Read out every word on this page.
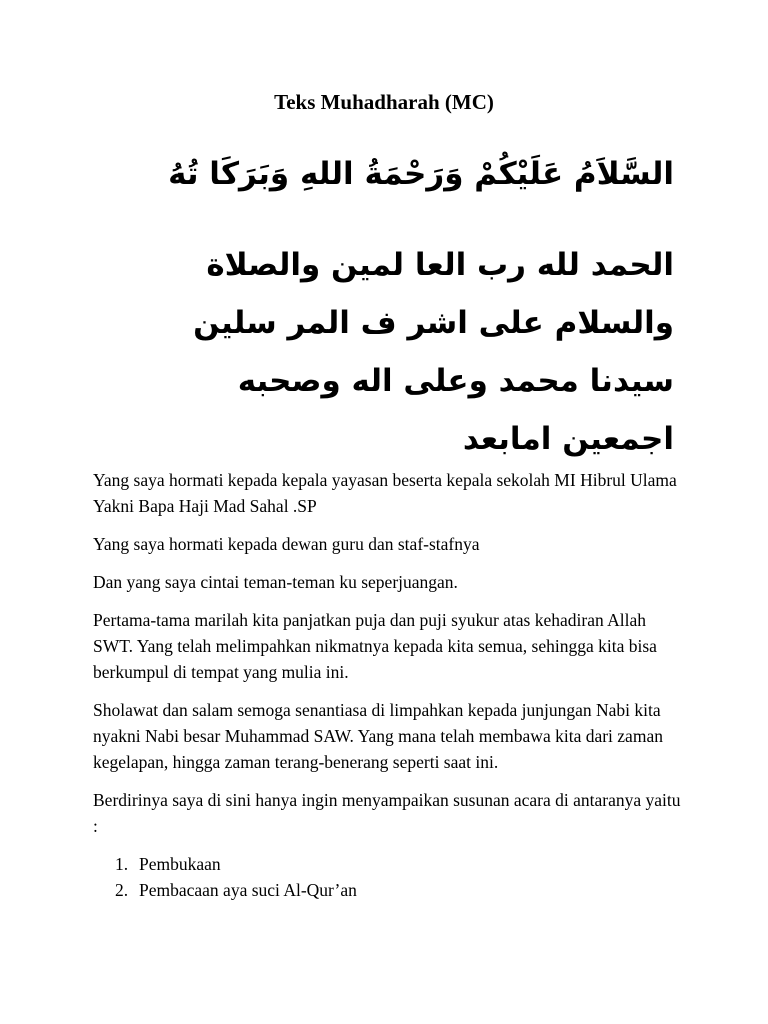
Teks Muhadharah (MC)

السَّلاَمُ عَلَيْكُمْ وَرَحْمَةُ اللهِ وَبَرَكَا تُهُ

الحمد لله رب العا لمين والصلاة
والسلام على اشر ف المر سلين
سيدنا محمد وعلى اله وصحبه
اجمعين امابعد

Yang saya hormati kepada kepala yayasan beserta kepala sekolah MI Hibrul Ulama Yakni Bapa Haji Mad Sahal .SP

Yang saya hormati kepada dewan guru dan staf-stafnya

Dan yang saya cintai teman-teman ku seperjuangan.

Pertama-tama marilah kita panjatkan puja dan puji syukur atas kehadiran Allah SWT. Yang telah melimpahkan nikmatnya kepada kita semua, sehingga kita bisa berkumpul di tempat yang mulia ini.

Sholawat dan salam semoga senantiasa di limpahkan kepada junjungan Nabi kita nyakni Nabi besar Muhammad SAW. Yang mana telah membawa kita dari zaman kegelapan, hingga zaman terang-benerang seperti saat ini.

Berdirinya saya di sini hanya ingin menyampaikan susunan acara di antaranya yaitu :

1. Pembukaan
2. Pembacaan aya suci Al-Qur’an
